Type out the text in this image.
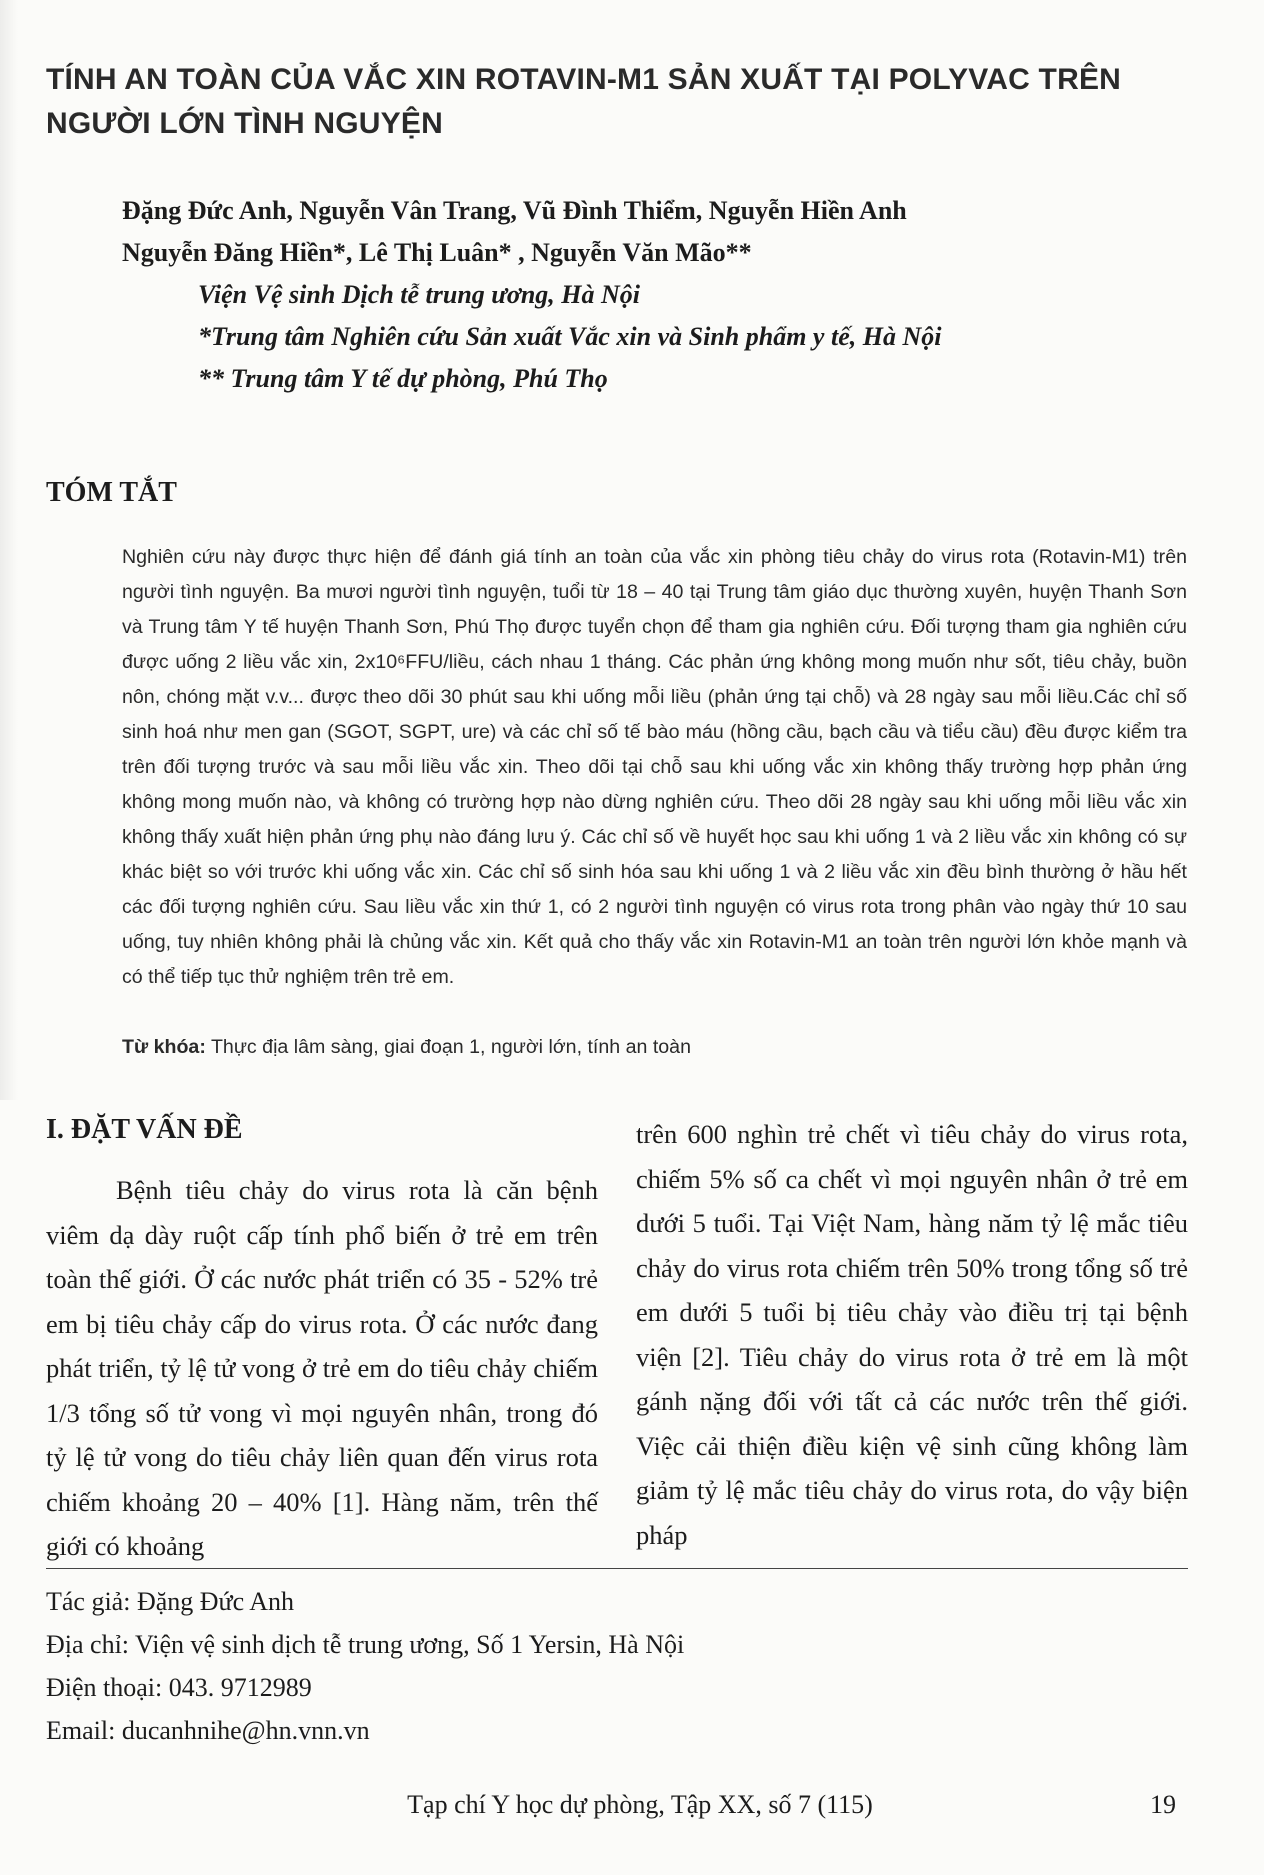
TÍNH AN TOÀN CỦA VẮC XIN ROTAVIN-M1 SẢN XUẤT TẠI POLYVAC TRÊN NGƯỜI LỚN TÌNH NGUYỆN

Đặng Đức Anh, Nguyễn Vân Trang, Vũ Đình Thiểm, Nguyễn Hiền Anh

Nguyễn Đăng Hiền*, Lê Thị Luân* , Nguyễn Văn Mão**

Viện Vệ sinh Dịch tễ trung ương, Hà Nội

*Trung tâm Nghiên cứu Sản xuất Vắc xin và Sinh phẩm y tế, Hà Nội

** Trung tâm Y tế dự phòng, Phú Thọ

TÓM TẮT

Nghiên cứu này được thực hiện để đánh giá tính an toàn của vắc xin phòng tiêu chảy do virus rota (Rotavin-M1) trên người tình nguyện. Ba mươi người tình nguyện, tuổi từ 18 – 40 tại Trung tâm giáo dục thường xuyên, huyện Thanh Sơn và Trung tâm Y tế huyện Thanh Sơn, Phú Thọ được tuyển chọn để tham gia nghiên cứu. Đối tượng tham gia nghiên cứu được uống 2 liều vắc xin, 2x10⁶FFU/liều, cách nhau 1 tháng. Các phản ứng không mong muốn như sốt, tiêu chảy, buồn nôn, chóng mặt v.v... được theo dõi 30 phút sau khi uống mỗi liều (phản ứng tại chỗ) và 28 ngày sau mỗi liều.Các chỉ số sinh hoá như men gan (SGOT, SGPT, ure) và các chỉ số tế bào máu (hồng cầu, bạch cầu và tiểu cầu) đều được kiểm tra trên đối tượng trước và sau mỗi liều vắc xin. Theo dõi tại chỗ sau khi uống vắc xin không thấy trường hợp phản ứng không mong muốn nào, và không có trường hợp nào dừng nghiên cứu. Theo dõi 28 ngày sau khi uống mỗi liều vắc xin không thấy xuất hiện phản ứng phụ nào đáng lưu ý. Các chỉ số về huyết học sau khi uống 1 và 2 liều vắc xin không có sự khác biệt so với trước khi uống vắc xin. Các chỉ số sinh hóa sau khi uống 1 và 2 liều vắc xin đều bình thường ở hầu hết các đối tượng nghiên cứu. Sau liều vắc xin thứ 1, có 2 người tình nguyện có virus rota trong phân vào ngày thứ 10 sau uống, tuy nhiên không phải là chủng vắc xin. Kết quả cho thấy vắc xin Rotavin-M1 an toàn trên người lớn khỏe mạnh và có thể tiếp tục thử nghiệm trên trẻ em.

Từ khóa: Thực địa lâm sàng, giai đoạn 1, người lớn, tính an toàn

I. ĐẶT VẤN ĐỀ

Bệnh tiêu chảy do virus rota là căn bệnh viêm dạ dày ruột cấp tính phổ biến ở trẻ em trên toàn thế giới. Ở các nước phát triển có 35 - 52% trẻ em bị tiêu chảy cấp do virus rota. Ở các nước đang phát triển, tỷ lệ tử vong ở trẻ em do tiêu chảy chiếm 1/3 tổng số tử vong vì mọi nguyên nhân, trong đó tỷ lệ tử vong do tiêu chảy liên quan đến virus rota chiếm khoảng 20 – 40% [1]. Hàng năm, trên thế giới có khoảng

trên 600 nghìn trẻ chết vì tiêu chảy do virus rota, chiếm 5% số ca chết vì mọi nguyên nhân ở trẻ em dưới 5 tuổi. Tại Việt Nam, hàng năm tỷ lệ mắc tiêu chảy do virus rota chiếm trên 50% trong tổng số trẻ em dưới 5 tuổi bị tiêu chảy vào điều trị tại bệnh viện [2]. Tiêu chảy do virus rota ở trẻ em là một gánh nặng đối với tất cả các nước trên thế giới. Việc cải thiện điều kiện vệ sinh cũng không làm giảm tỷ lệ mắc tiêu chảy do virus rota, do vậy biện pháp

Tác giả: Đặng Đức Anh
Địa chỉ: Viện vệ sinh dịch tễ trung ương, Số 1 Yersin, Hà Nội
Điện thoại: 043. 9712989
Email: ducanhnihe@hn.vnn.vn
Tạp chí Y học dự phòng, Tập XX, số 7 (115)	19
